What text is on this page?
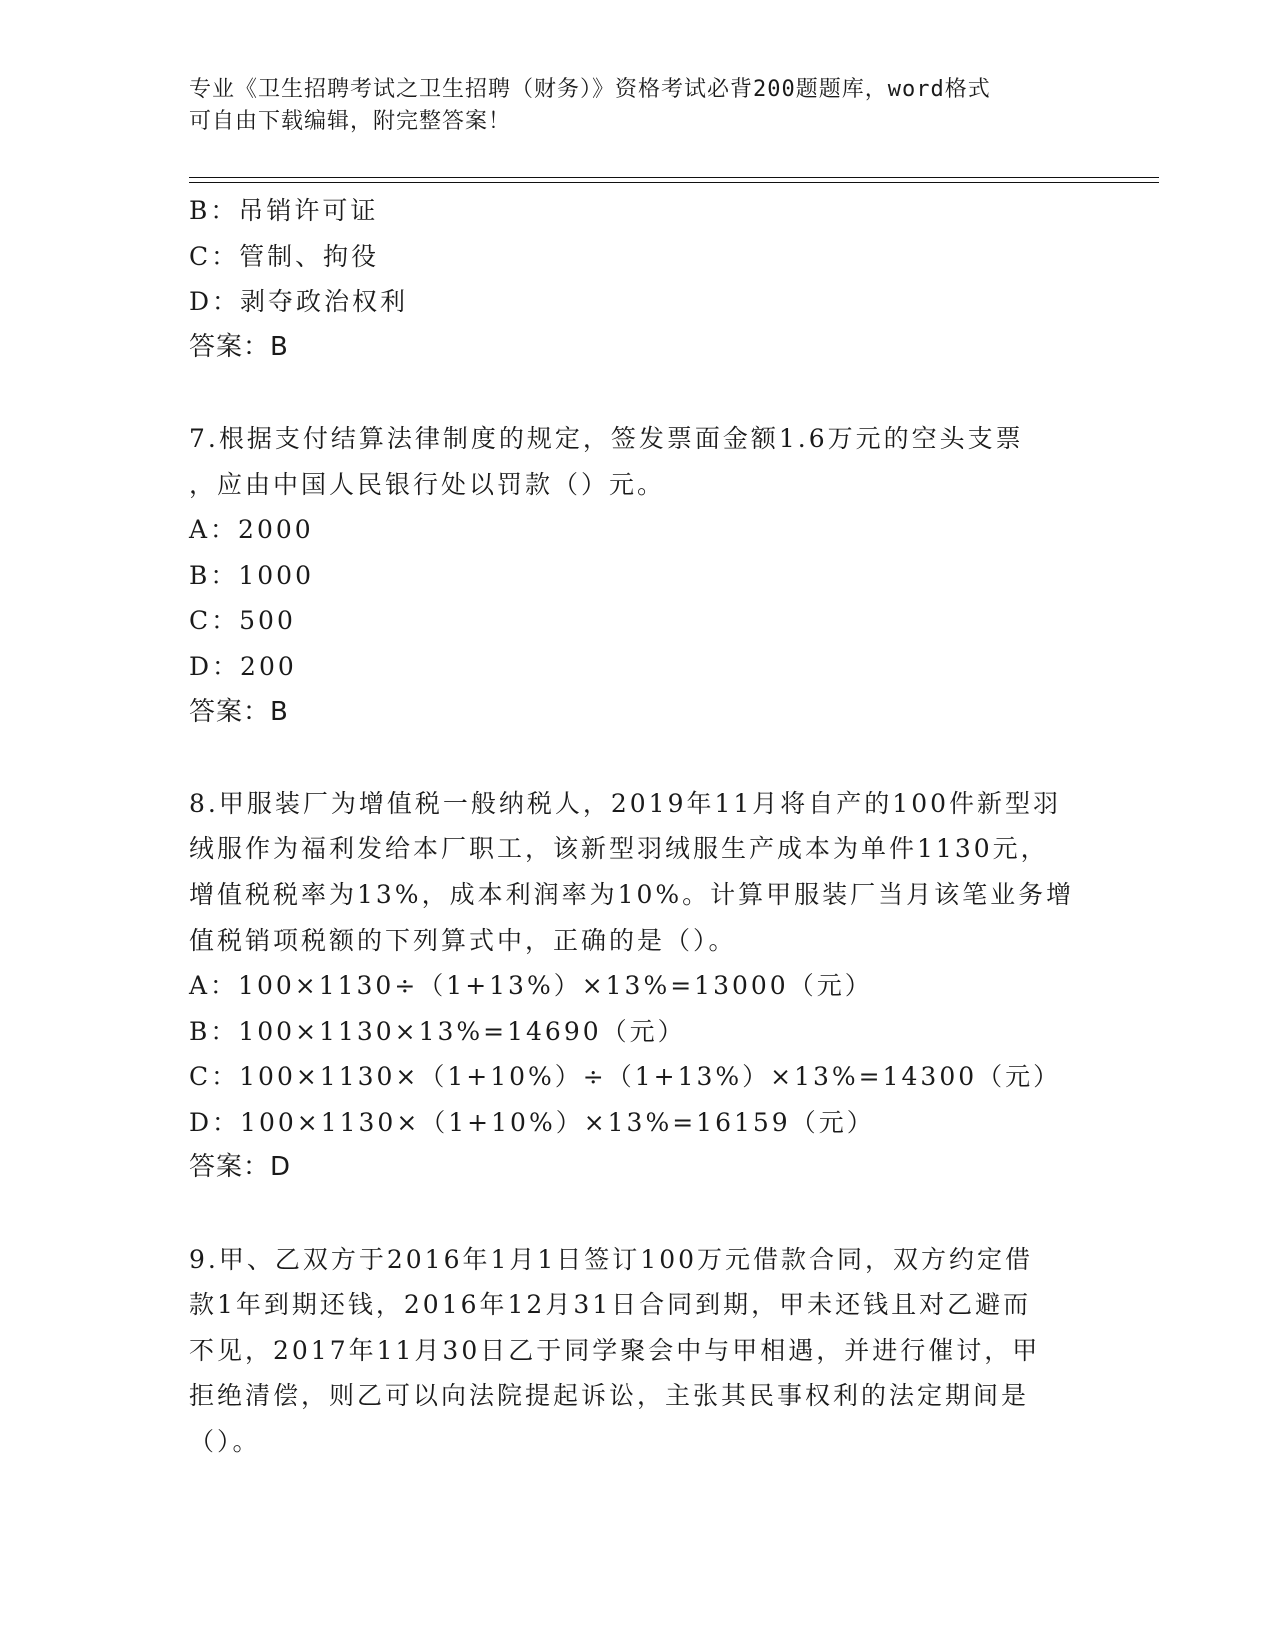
专业《卫生招聘考试之卫生招聘（财务）》资格考试必背200题题库，word格式
可自由下载编辑，附完整答案！
B：吊销许可证
C：管制、拘役
D：剥夺政治权利
答案：B
7.根据支付结算法律制度的规定，签发票面金额1.6万元的空头支票
，应由中国人民银行处以罚款（）元。
A：2000
B：1000
C：500
D：200
答案：B
8.甲服装厂为增值税一般纳税人，2019年11月将自产的100件新型羽
绒服作为福利发给本厂职工，该新型羽绒服生产成本为单件1130元，
增值税税率为13%，成本利润率为10%。计算甲服装厂当月该笔业务增
值税销项税额的下列算式中，正确的是（）。
A：100×1130÷（1+13%）×13%=13000（元）
B：100×1130×13%=14690（元）
C：100×1130×（1+10%）÷（1+13%）×13%=14300（元）
D：100×1130×（1+10%）×13%=16159（元）
答案：D
9.甲、乙双方于2016年1月1日签订100万元借款合同，双方约定借
款1年到期还钱，2016年12月31日合同到期，甲未还钱且对乙避而
不见，2017年11月30日乙于同学聚会中与甲相遇，并进行催讨，甲
拒绝清偿，则乙可以向法院提起诉讼，主张其民事权利的法定期间是
（）。
